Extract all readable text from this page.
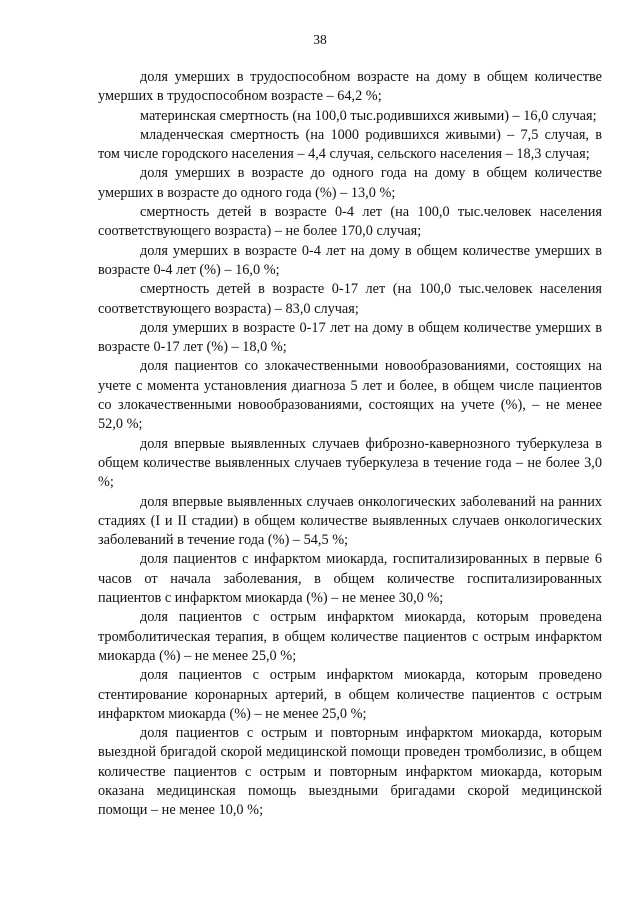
38

доля умерших в трудоспособном возрасте на дому в общем количестве умерших в трудоспособном возрасте – 64,2 %;

материнская смертность (на 100,0 тыс.родившихся живыми) – 16,0 случая;

младенческая смертность (на 1000 родившихся живыми) – 7,5 случая, в том числе городского населения – 4,4 случая, сельского населения – 18,3 случая;

доля умерших в возрасте до одного года на дому в общем количестве умерших в возрасте до одного года (%) – 13,0 %;

смертность детей в возрасте 0-4 лет (на 100,0 тыс.человек населения соответствующего возраста) – не более 170,0 случая;

доля умерших в возрасте 0-4 лет на дому в общем количестве умерших в возрасте 0-4 лет (%) – 16,0 %;

смертность детей в возрасте 0-17 лет (на 100,0 тыс.человек населения соответствующего возраста) – 83,0 случая;

доля умерших в возрасте 0-17 лет на дому в общем количестве умерших в возрасте 0-17 лет (%) – 18,0 %;

доля пациентов со злокачественными новообразованиями, состоящих на учете с момента установления диагноза 5 лет и более, в общем числе пациентов со злокачественными новообразованиями, состоящих на учете (%), – не менее 52,0 %;

доля впервые выявленных случаев фиброзно-кавернозного туберкулеза в общем количестве выявленных случаев туберкулеза в течение года – не более 3,0 %;

доля впервые выявленных случаев онкологических заболеваний на ранних стадиях (I и II стадии) в общем количестве выявленных случаев онкологических заболеваний в течение года (%) – 54,5 %;

доля пациентов с инфарктом миокарда, госпитализированных в первые 6 часов от начала заболевания, в общем количестве госпитализированных пациентов с инфарктом миокарда (%) – не менее 30,0 %;

доля пациентов с острым инфарктом миокарда, которым проведена тромболитическая терапия, в общем количестве пациентов с острым инфарктом миокарда (%) – не менее 25,0 %;

доля пациентов с острым инфарктом миокарда, которым проведено стентирование коронарных артерий, в общем количестве пациентов с острым инфарктом миокарда (%) – не менее 25,0 %;

доля пациентов с острым и повторным инфарктом миокарда, которым выездной бригадой скорой медицинской помощи проведен тромболизис, в общем количестве пациентов с острым и повторным инфарктом миокарда, которым оказана медицинская помощь выездными бригадами скорой медицинской помощи – не менее 10,0 %;
